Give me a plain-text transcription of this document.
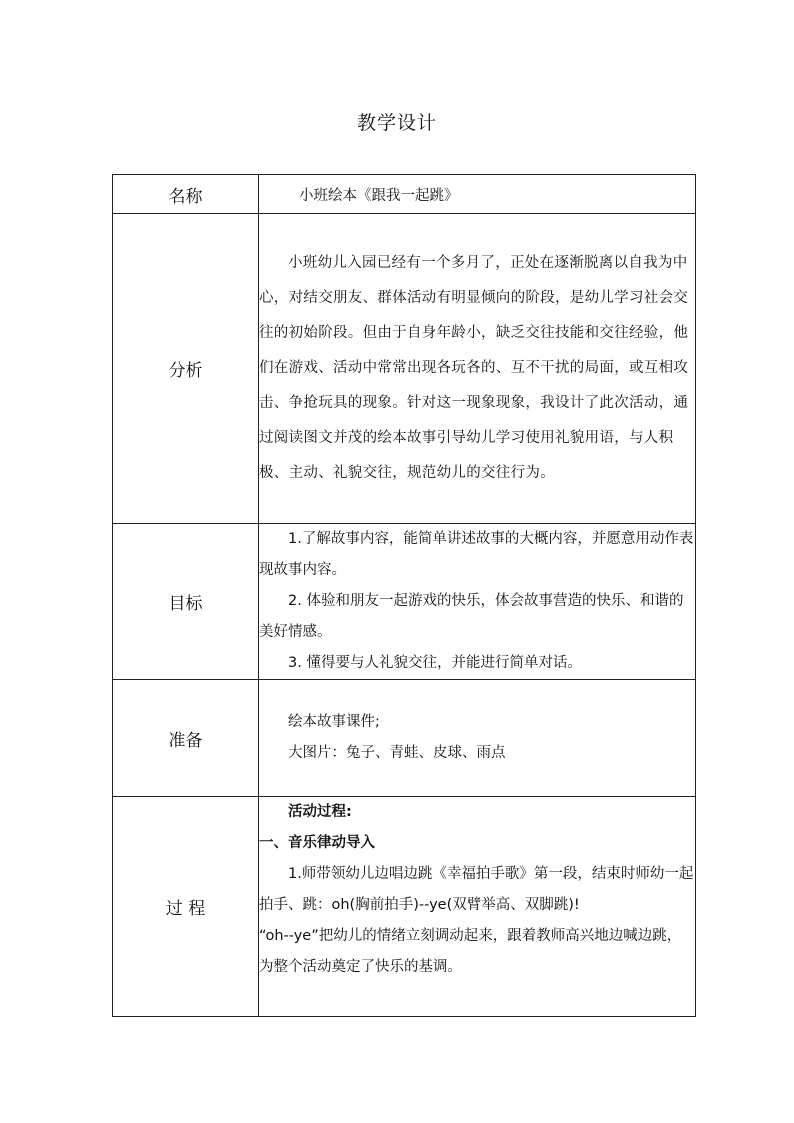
教学设计
名称	小班绘本《跟我一起跳》
分析	小班幼儿入园已经有一个多月了，正处在逐渐脱离以自我为中心，对结交朋友、群体活动有明显倾向的阶段，是幼儿学习社会交往的初始阶段。但由于自身年龄小，缺乏交往技能和交往经验，他们在游戏、活动中常常出现各玩各的、互不干扰的局面，或互相攻击、争抢玩具的现象。针对这一现象现象，我设计了此次活动，通过阅读图文并茂的绘本故事引导幼儿学习使用礼貌用语，与人积极、主动、礼貌交往，规范幼儿的交往行为。

目标	1.了解故事内容，能简单讲述故事的大概内容，并愿意用动作表现故事内容。

2. 体验和朋友一起游戏的快乐，体会故事营造的快乐、和谐的美好情感。

3. 懂得要与人礼貌交往，并能进行简单对话。

准备	绘本故事课件;

大图片：兔子、青蛙、皮球、雨点

过 程	活动过程:

一、音乐律动导入

1.师带领幼儿边唱边跳《幸福拍手歌》第一段，结束时师幼一起拍手、跳：oh(胸前拍手)--ye(双臂举高、双脚跳)!

“oh--ye”把幼儿的情绪立刻调动起来，跟着教师高兴地边喊边跳，为整个活动奠定了快乐的基调。
